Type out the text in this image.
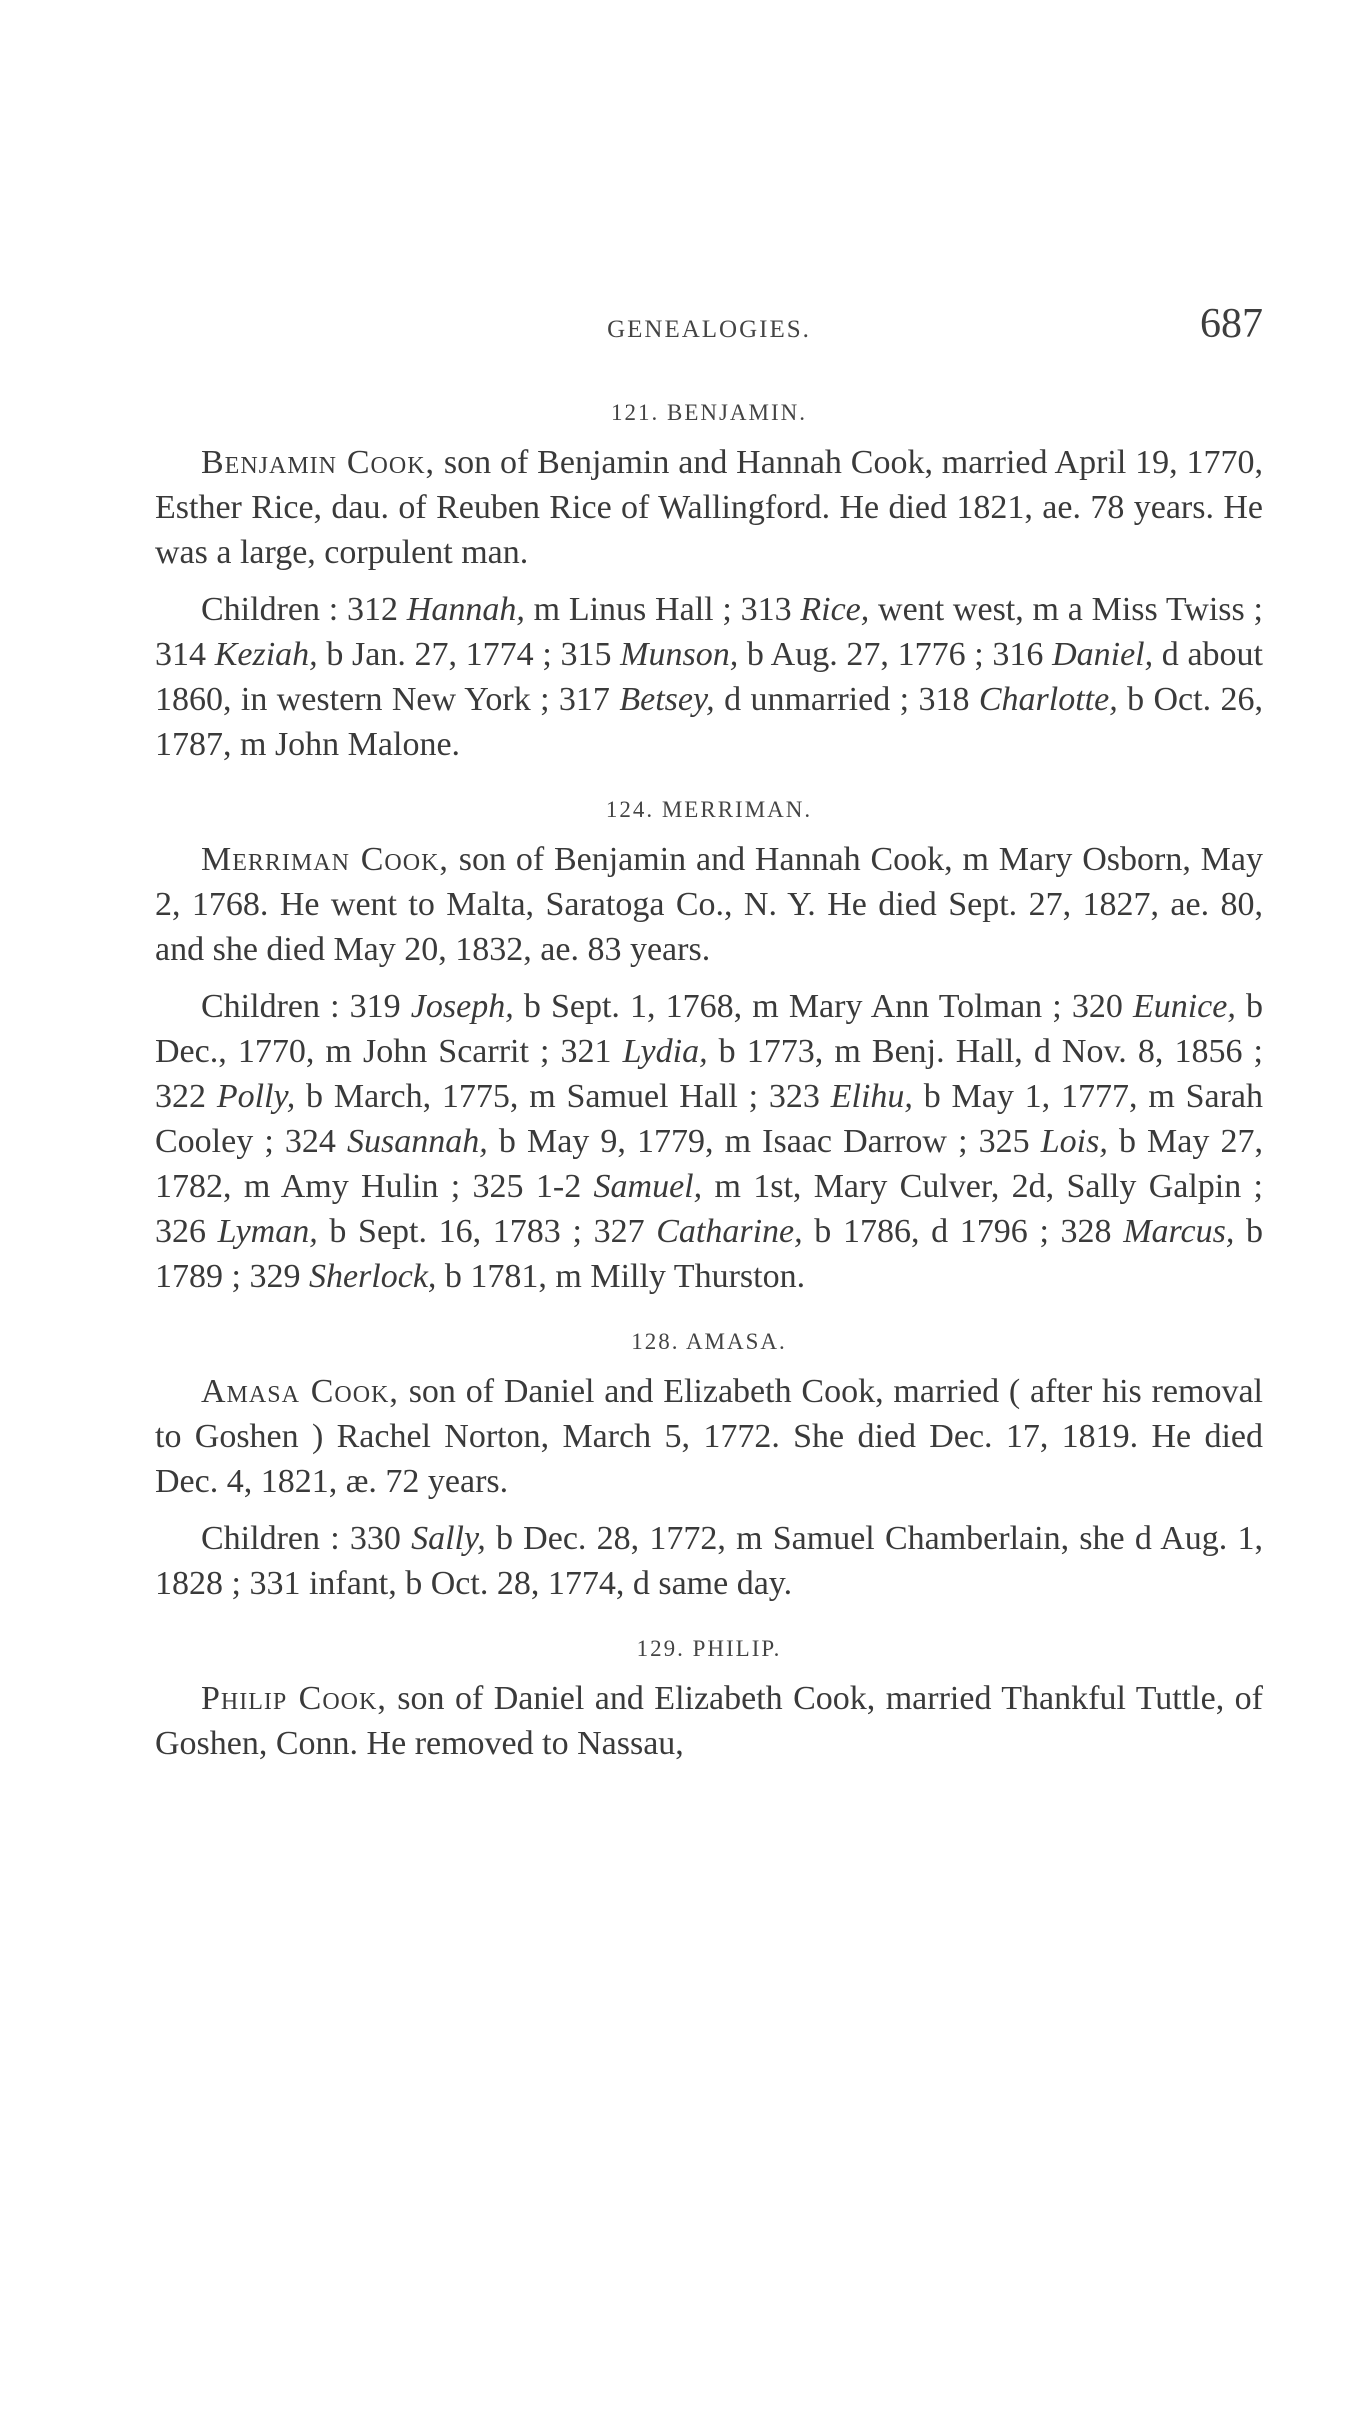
GENEALOGIES.	687
121. BENJAMIN.

Benjamin Cook, son of Benjamin and Hannah Cook, married April 19, 1770, Esther Rice, dau. of Reuben Rice of Wallingford. He died 1821, ae. 78 years. He was a large, corpulent man.

Children : 312 Hannah, m Linus Hall ; 313 Rice, went west, m a Miss Twiss ; 314 Keziah, b Jan. 27, 1774 ; 315 Munson, b Aug. 27, 1776 ; 316 Daniel, d about 1860, in western New York ; 317 Betsey, d unmarried ; 318 Charlotte, b Oct. 26, 1787, m John Malone.

124. MERRIMAN.

Merriman Cook, son of Benjamin and Hannah Cook, m Mary Osborn, May 2, 1768. He went to Malta, Saratoga Co., N. Y. He died Sept. 27, 1827, ae. 80, and she died May 20, 1832, ae. 83 years.

Children : 319 Joseph, b Sept. 1, 1768, m Mary Ann Tolman ; 320 Eunice, b Dec., 1770, m John Scarrit ; 321 Lydia, b 1773, m Benj. Hall, d Nov. 8, 1856 ; 322 Polly, b March, 1775, m Samuel Hall ; 323 Elihu, b May 1, 1777, m Sarah Cooley ; 324 Susannah, b May 9, 1779, m Isaac Darrow ; 325 Lois, b May 27, 1782, m Amy Hulin ; 325 1-2 Samuel, m 1st, Mary Culver, 2d, Sally Galpin ; 326 Lyman, b Sept. 16, 1783 ; 327 Catharine, b 1786, d 1796 ; 328 Marcus, b 1789 ; 329 Sherlock, b 1781, m Milly Thurston.

128. AMASA.

Amasa Cook, son of Daniel and Elizabeth Cook, married ( after his removal to Goshen ) Rachel Norton, March 5, 1772. She died Dec. 17, 1819. He died Dec. 4, 1821, æ. 72 years.

Children : 330 Sally, b Dec. 28, 1772, m Samuel Chamberlain, she d Aug. 1, 1828 ; 331 infant, b Oct. 28, 1774, d same day.

129. PHILIP.

Philip Cook, son of Daniel and Elizabeth Cook, married Thankful Tuttle, of Goshen, Conn. He removed to Nassau,
